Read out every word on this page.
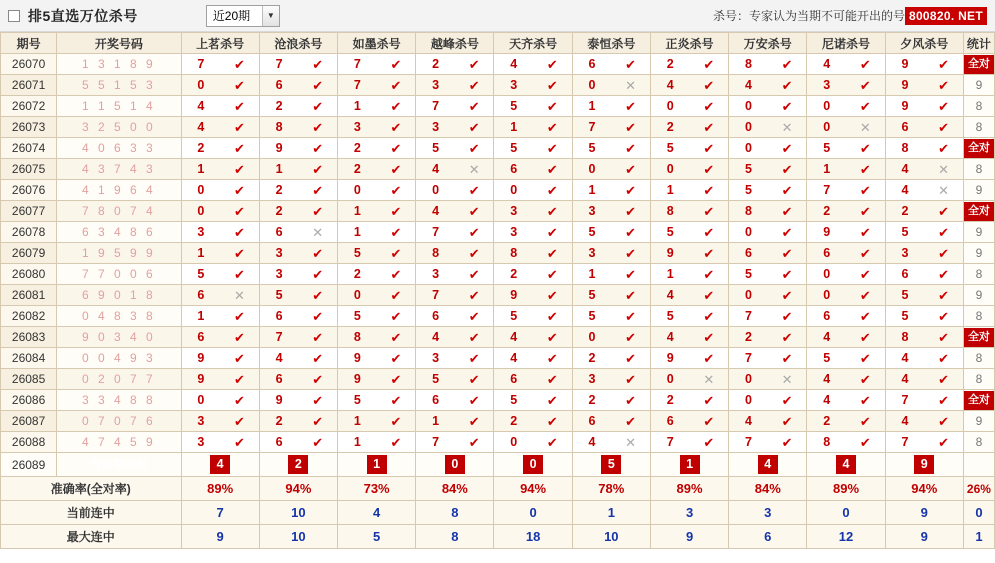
排5直选万位杀号	近20期	▼	杀号：专家认为当期不可能开出的号 800820. NET
期号	开奖号码	上茗杀号	沧浪杀号	如墨杀号	越峰杀号	天齐杀号	泰恒杀号	正炎杀号	万安杀号	尼诺杀号	夕风杀号	统计
26070	1 3 1 8 9	7 ✔	7 ✔	7 ✔	2 ✔	4 ✔	6 ✔	2 ✔	8 ✔	4 ✔	9 ✔	全对

26071	5 5 1 5 3	0 ✔	6 ✔	7 ✔	3 ✔	3 ✔	0 ✕	4 ✔	4 ✔	3 ✔	9 ✔	9
26072	1 1 5 1 4	4 ✔	2 ✔	1 ✔	7 ✔	5 ✔	1 ✔	0 ✔	0 ✔	0 ✔	9 ✔	8
26073	3 2 5 0 0	4 ✔	8 ✔	3 ✔	3 ✔	1 ✔	7 ✔	2 ✔	0 ✕	0 ✕	6 ✔	8
26074	4 0 6 3 3	2 ✔	9 ✔	2 ✔	5 ✔	5 ✔	5 ✔	5 ✔	0 ✔	5 ✔	8 ✔	全对

26075	4 3 7 4 3	1 ✔	1 ✔	2 ✔	4 ✕	6 ✔	0 ✔	0 ✔	5 ✔	1 ✔	4 ✕	8
26076	4 1 9 6 4	0 ✔	2 ✔	0 ✔	0 ✔	0 ✔	1 ✔	1 ✔	5 ✔	7 ✔	4 ✕	9
26077	7 8 0 7 4	0 ✔	2 ✔	1 ✔	4 ✔	3 ✔	3 ✔	8 ✔	8 ✔	2 ✔	2 ✔	全对

26078	6 3 4 8 6	3 ✔	6 ✕	1 ✔	7 ✔	3 ✔	5 ✔	5 ✔	0 ✔	9 ✔	5 ✔	9
26079	1 9 5 9 9	1 ✔	3 ✔	5 ✔	8 ✔	8 ✔	3 ✔	9 ✔	6 ✔	6 ✔	3 ✔	9
26080	7 7 0 0 6	5 ✔	3 ✔	2 ✔	3 ✔	2 ✔	1 ✔	1 ✔	5 ✔	0 ✔	6 ✔	8
26081	6 9 0 1 8	6 ✕	5 ✔	0 ✔	7 ✔	9 ✔	5 ✔	4 ✔	0 ✔	0 ✔	5 ✔	9
26082	0 4 8 3 8	1 ✔	6 ✔	5 ✔	6 ✔	5 ✔	5 ✔	5 ✔	7 ✔	6 ✔	5 ✔	8
26083	9 0 3 4 0	6 ✔	7 ✔	8 ✔	4 ✔	4 ✔	0 ✔	4 ✔	2 ✔	4 ✔	8 ✔	全对

26084	0 0 4 9 3	9 ✔	4 ✔	9 ✔	3 ✔	4 ✔	2 ✔	9 ✔	7 ✔	5 ✔	4 ✔	8
26085	0 2 0 7 7	9 ✔	6 ✔	9 ✔	5 ✔	6 ✔	3 ✔	0 ✕	0 ✕	4 ✔	4 ✔	8
26086	3 3 4 8 8	0 ✔	9 ✔	5 ✔	6 ✔	5 ✔	2 ✔	2 ✔	0 ✔	4 ✔	7 ✔	全对

26087	0 7 0 7 6	3 ✔	2 ✔	1 ✔	1 ✔	2 ✔	6 ✔	6 ✔	4 ✔	2 ✔	4 ✔	9
26088	4 7 4 5 9	3 ✔	6 ✔	1 ✔	7 ✔	0 ✔	4 ✕	7 ✔	7 ✔	8 ✔	7 ✔	8
26089	当前期杀号	4	2	1	0	0	5	1	4	4	9	
准确率(全对率)		89%	94%	73%	84%	94%	78%	89%	84%	89%	94%	26%
当前连中		7	10	4	8	0	1	3	3	0	9	0
最大连中		9	10	5	8	18	10	9	6	12	9	1
